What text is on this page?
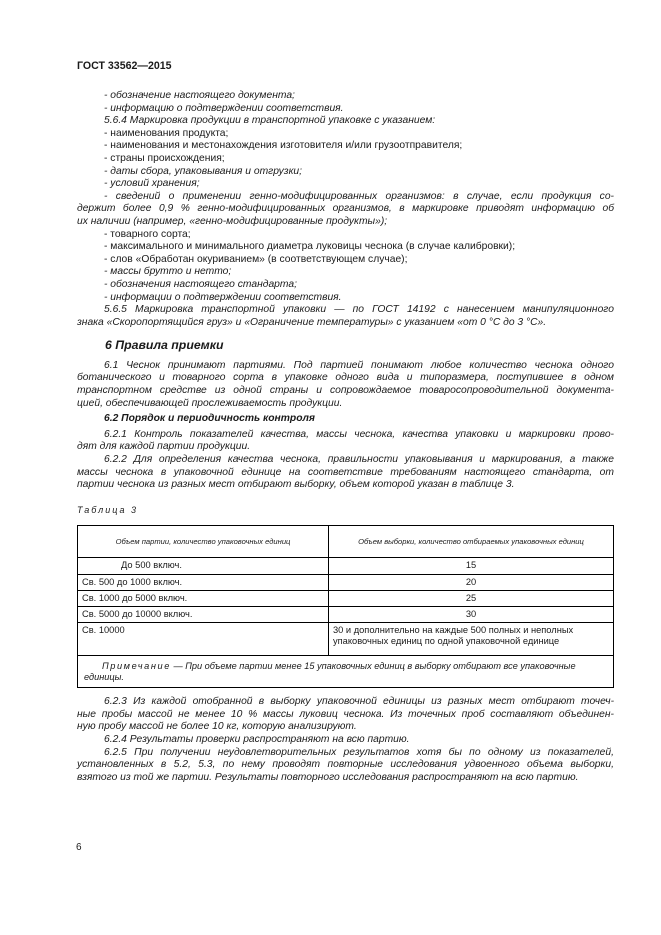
ГОСТ 33562—2015
- обозначение настоящего документа;
- информацию о подтверждении соответствия.
5.6.4 Маркировка продукции в транспортной упаковке с указанием:
- наименования продукта;
- наименования и местонахождения изготовителя и/или грузоотправителя;
- страны происхождения;
- даты сбора, упаковывания и отгрузки;
- условий хранения;
- сведений о применении генно-модифицированных организмов: в случае, если продукция со-
держит более 0,9 % генно-модифицированных организмов, в маркировке приводят информацию об
их наличии (например, «генно-модифицированные продукты»);
- товарного сорта;
- максимального и минимального диаметра луковицы чеснока (в случае калибровки);
- слов «Обработан окуриванием» (в соответствующем случае);
- массы брутто и нетто;
- обозначения настоящего стандарта;
- информации о подтверждении соответствия.
5.6.5 Маркировка транспортной упаковки — по ГОСТ 14192 с нанесением манипуляционного
знака «Скоропортящийся груз» и «Ограничение температуры» с указанием «от 0 °С до 3 °С».
6 Правила приемки
6.1 Чеснок принимают партиями. Под партией понимают любое количество чеснока одного
ботанического и товарного сорта в упаковке одного вида и типоразмера, поступившее в одном
транспортном средстве из одной страны и сопровождаемое товаросопроводительной документа-
цией, обеспечивающей прослеживаемость продукции.
6.2 Порядок и периодичность контроля
6.2.1 Контроль показателей качества, массы чеснока, качества упаковки и маркировки прово-
дят для каждой партии продукции.
6.2.2 Для определения качества чеснока, правильности упаковывания и маркирования, а также
массы чеснока в упаковочной единице на соответствие требованиям настоящего стандарта, от
партии чеснока из разных мест отбирают выборку, объем которой указан в таблице 3.
Таблица 3
Объем партии, количество упаковочных единиц	Объем выборки, количество отбираемых упаковочных единиц
До 500 включ.	15
Св. 500 до 1000 включ.	20
Св. 1000 до 5000 включ.	25
Св. 5000 до 10000 включ.	30
Св. 10000	30 и дополнительно на каждые 500 полных и неполных упаковочных единиц по одной упаковочной единице
Примечание — При объеме партии менее 15 упаковочных единиц в выборку отбирают все упаковочные единицы.	
6.2.3 Из каждой отобранной в выборку упаковочной единицы из разных мест отбирают точеч-
ные пробы массой не менее 10 % массы луковиц чеснока. Из точечных проб составляют объединен-
ную пробу массой не более 10 кг, которую анализируют.
6.2.4 Результаты проверки распространяют на всю партию.
6.2.5 При получении неудовлетворительных результатов хотя бы по одному из показателей,
установленных в 5.2, 5.3, по нему проводят повторные исследования удвоенного объема выборки,
взятого из той же партии. Результаты повторного исследования распространяют на всю партию.
6
